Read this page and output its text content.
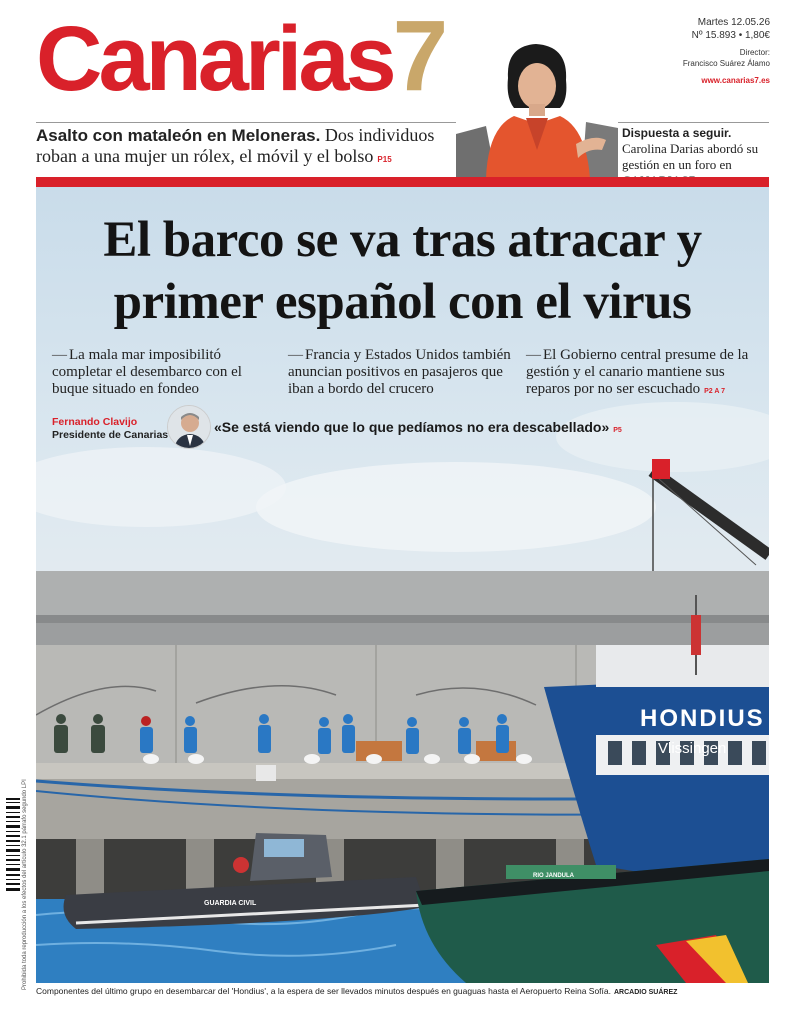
Canarias7	Martes 12.05.26
Nº 15.893 • 1,80€
Director:
Francisco Suárez Álamo
www.canarias7.es
Asalto con mataleón en Meloneras. Dos individuos roban a una mujer un rólex, el móvil y el bolso P15
Dispuesta a seguir. Carolina Darias abordó su gestión en un foro en
El barco se va tras atracar y
primer español con el virus
— La mala mar imposibilitó completar el desembarco con el buque situado en fondeo
— Francia y Estados Unidos también anuncian positivos en pasajeros que iban a bordo del crucero
— El Gobierno central presume de la gestión y el canario mantiene sus reparos por no ser escuchado P2 A 7
Fernando Clavijo
Presidente de Canarias	«Se está viendo que lo que pedíamos no era descabellado» P5
HONDIUS
Vlissingen
GUARDIA CIVIL
RIO JANDULA
Componentes del último grupo en desembarcar del 'Hondius', a la espera de ser llevados minutos después en guaguas hasta el Aeropuerto Reina Sofía. ARCADIO SUÁREZ
Prohibida toda reproducción a los efectos del artículo 32.1 párrafo segundo LPI
